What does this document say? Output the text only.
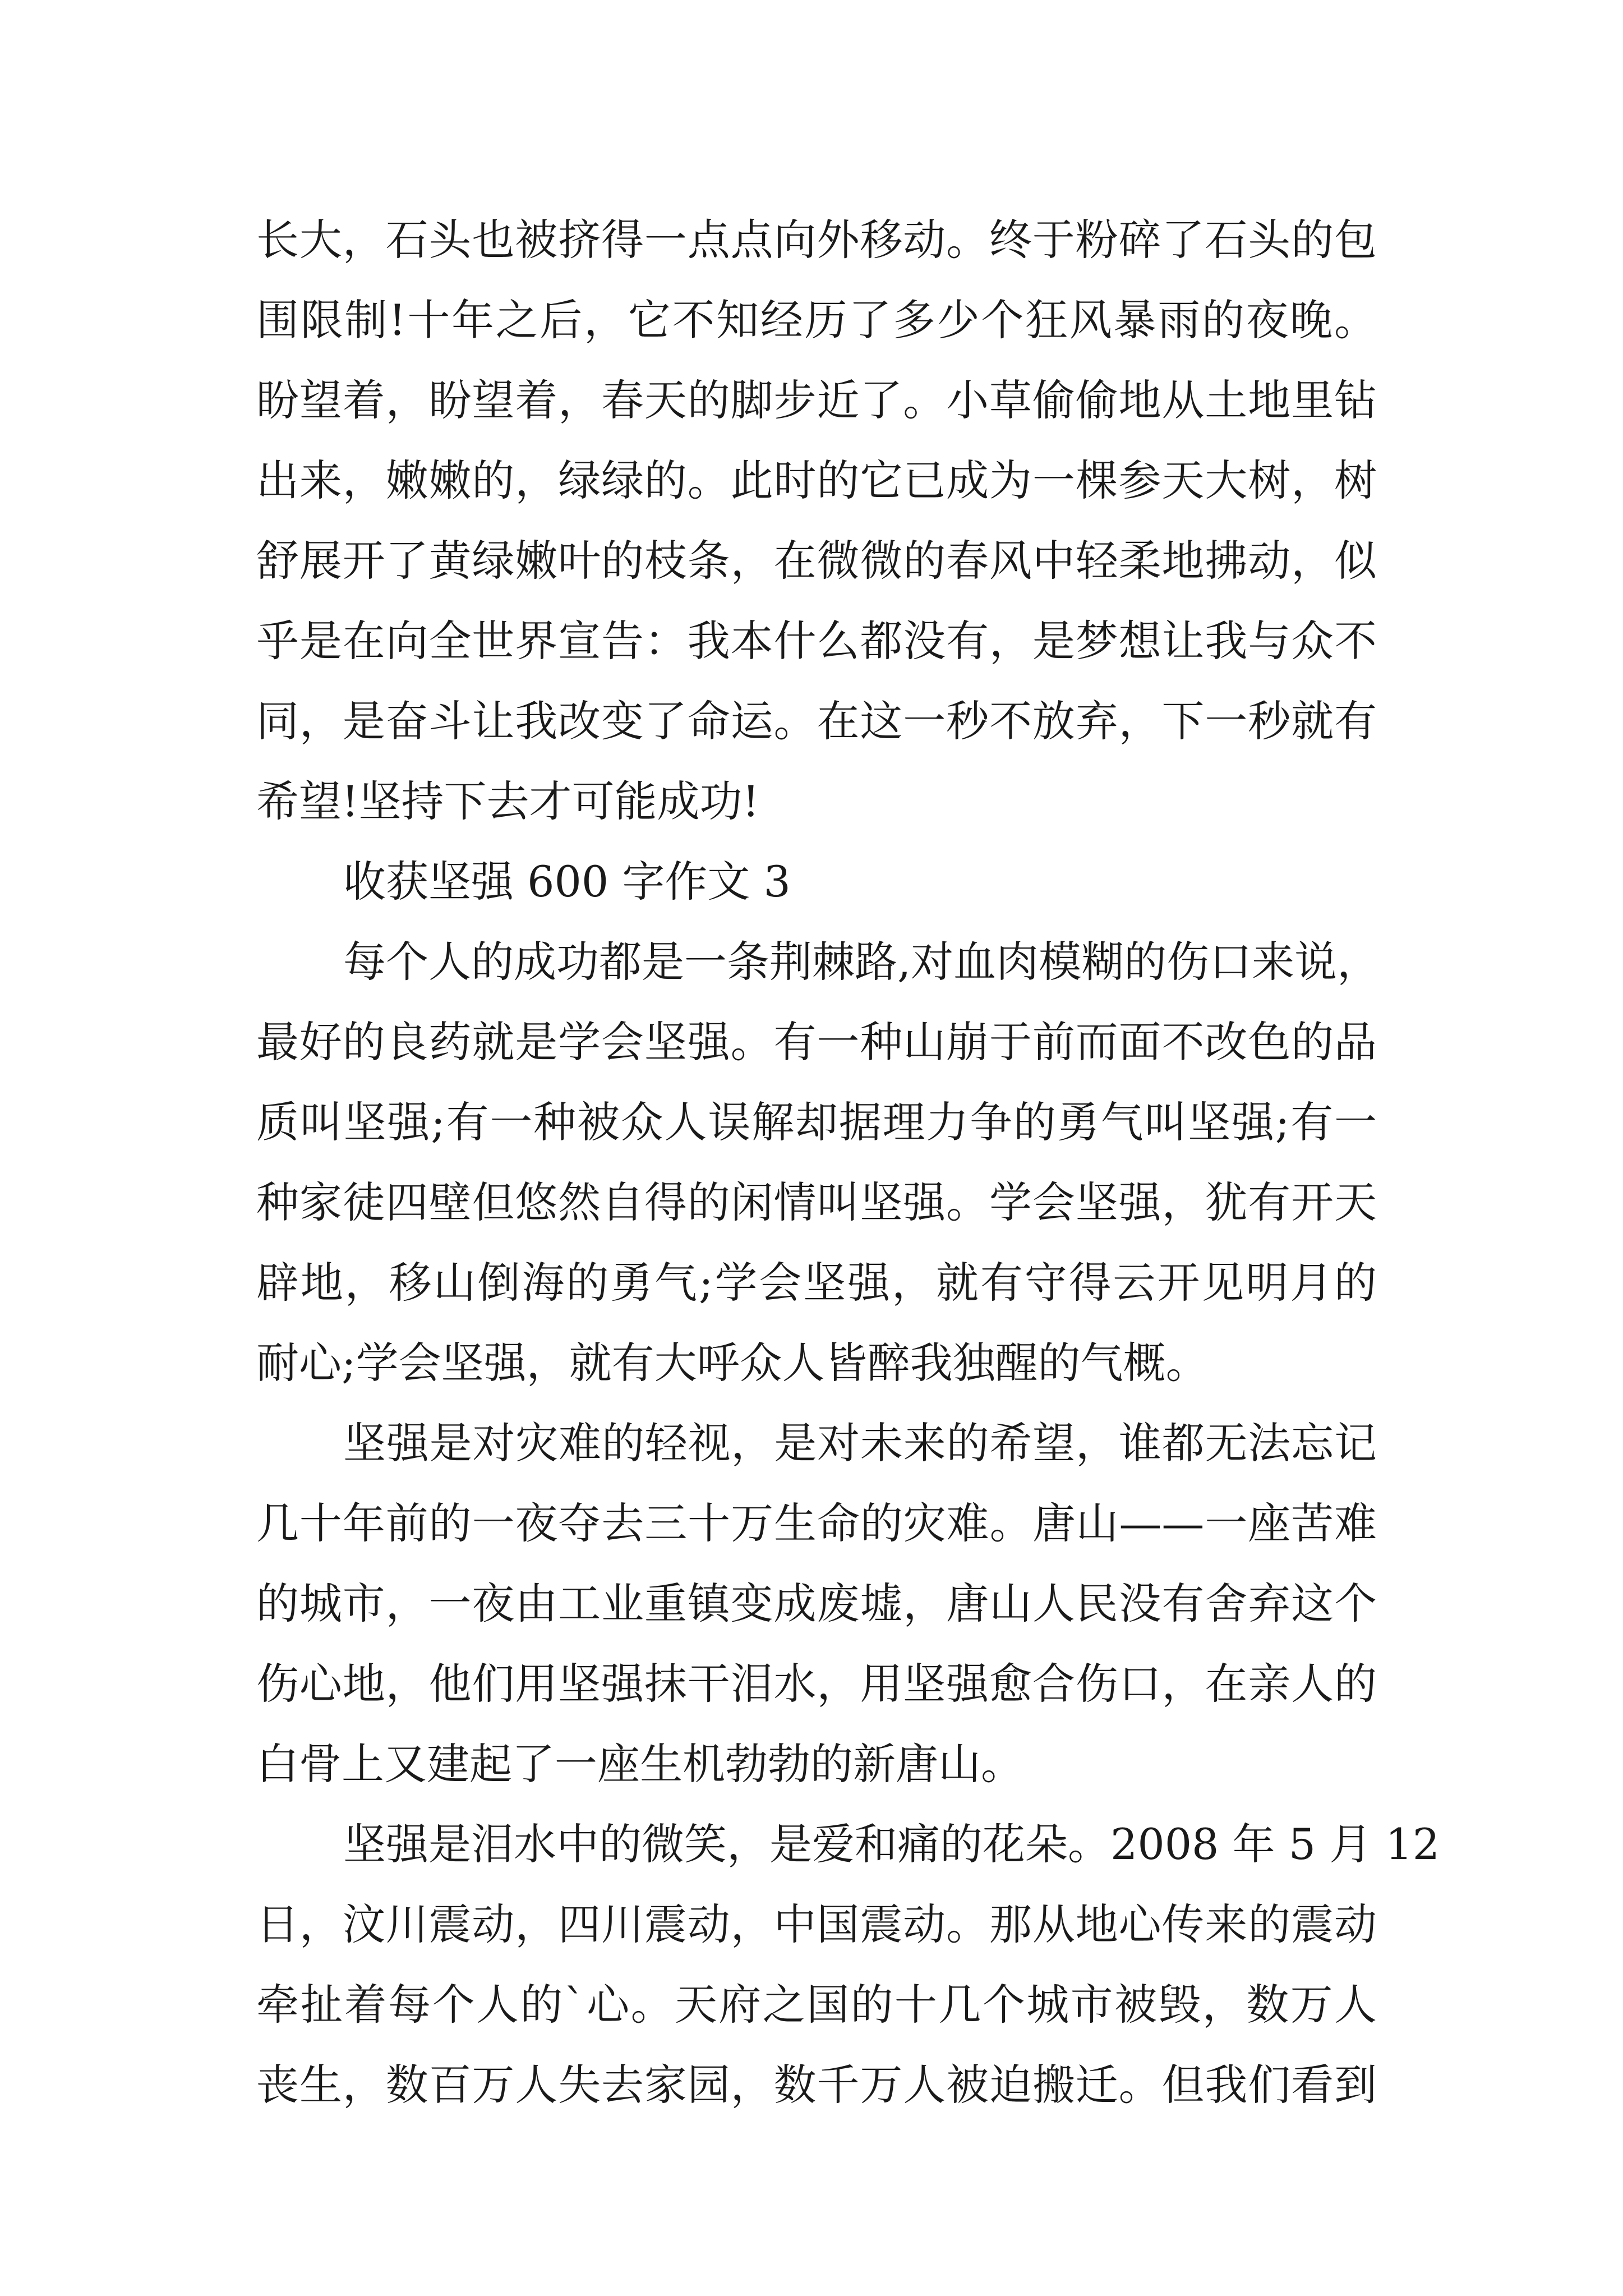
长大，石头也被挤得一点点向外移动。终于粉碎了石头的包

围限制!十年之后，它不知经历了多少个狂风暴雨的夜晚。

盼望着，盼望着，春天的脚步近了。小草偷偷地从土地里钻

出来，嫩嫩的，绿绿的。此时的它已成为一棵参天大树，树

舒展开了黄绿嫩叶的枝条，在微微的春风中轻柔地拂动，似

乎是在向全世界宣告：我本什么都没有，是梦想让我与众不

同，是奋斗让我改变了命运。在这一秒不放弃，下一秒就有

希望!坚持下去才可能成功!

收获坚强 600 字作文 3

每个人的成功都是一条荆棘路,对血肉模糊的伤口来说，

最好的良药就是学会坚强。有一种山崩于前而面不改色的品

质叫坚强;有一种被众人误解却据理力争的勇气叫坚强;有一

种家徒四壁但悠然自得的闲情叫坚强。学会坚强，犹有开天

辟地，移山倒海的勇气;学会坚强，就有守得云开见明月的

耐心;学会坚强，就有大呼众人皆醉我独醒的气概。

坚强是对灾难的轻视，是对未来的希望，谁都无法忘记

几十年前的一夜夺去三十万生命的灾难。唐山——一座苦难

的城市，一夜由工业重镇变成废墟，唐山人民没有舍弃这个

伤心地，他们用坚强抹干泪水，用坚强愈合伤口，在亲人的

白骨上又建起了一座生机勃勃的新唐山。

坚强是泪水中的微笑，是爱和痛的花朵。2008 年 5 月 12

日，汶川震动，四川震动，中国震动。那从地心传来的震动

牵扯着每个人的`心。天府之国的十几个城市被毁，数万人

丧生，数百万人失去家园，数千万人被迫搬迁。但我们看到
